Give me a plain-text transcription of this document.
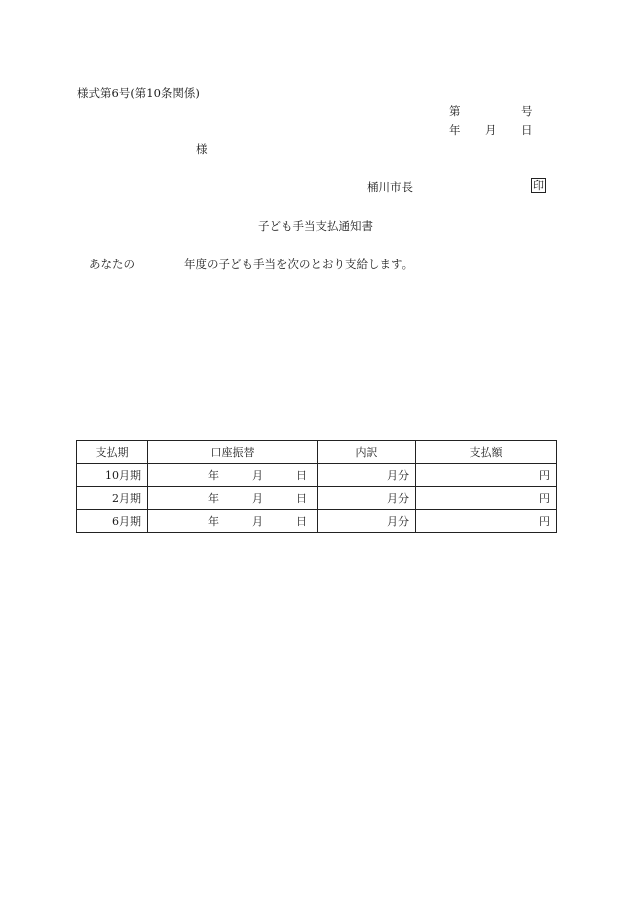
様式第6号(第10条関係)
第	号
年 月 日
様
桶川市長	印
子ども手当支払通知書
あなたの	年度の子ども手当を次のとおり支給します。
支払期	口座振替	内訳	支払額
10月期	年 月 日	月分	円
2月期	年 月 日	月分	円
6月期	年 月 日	月分	円
